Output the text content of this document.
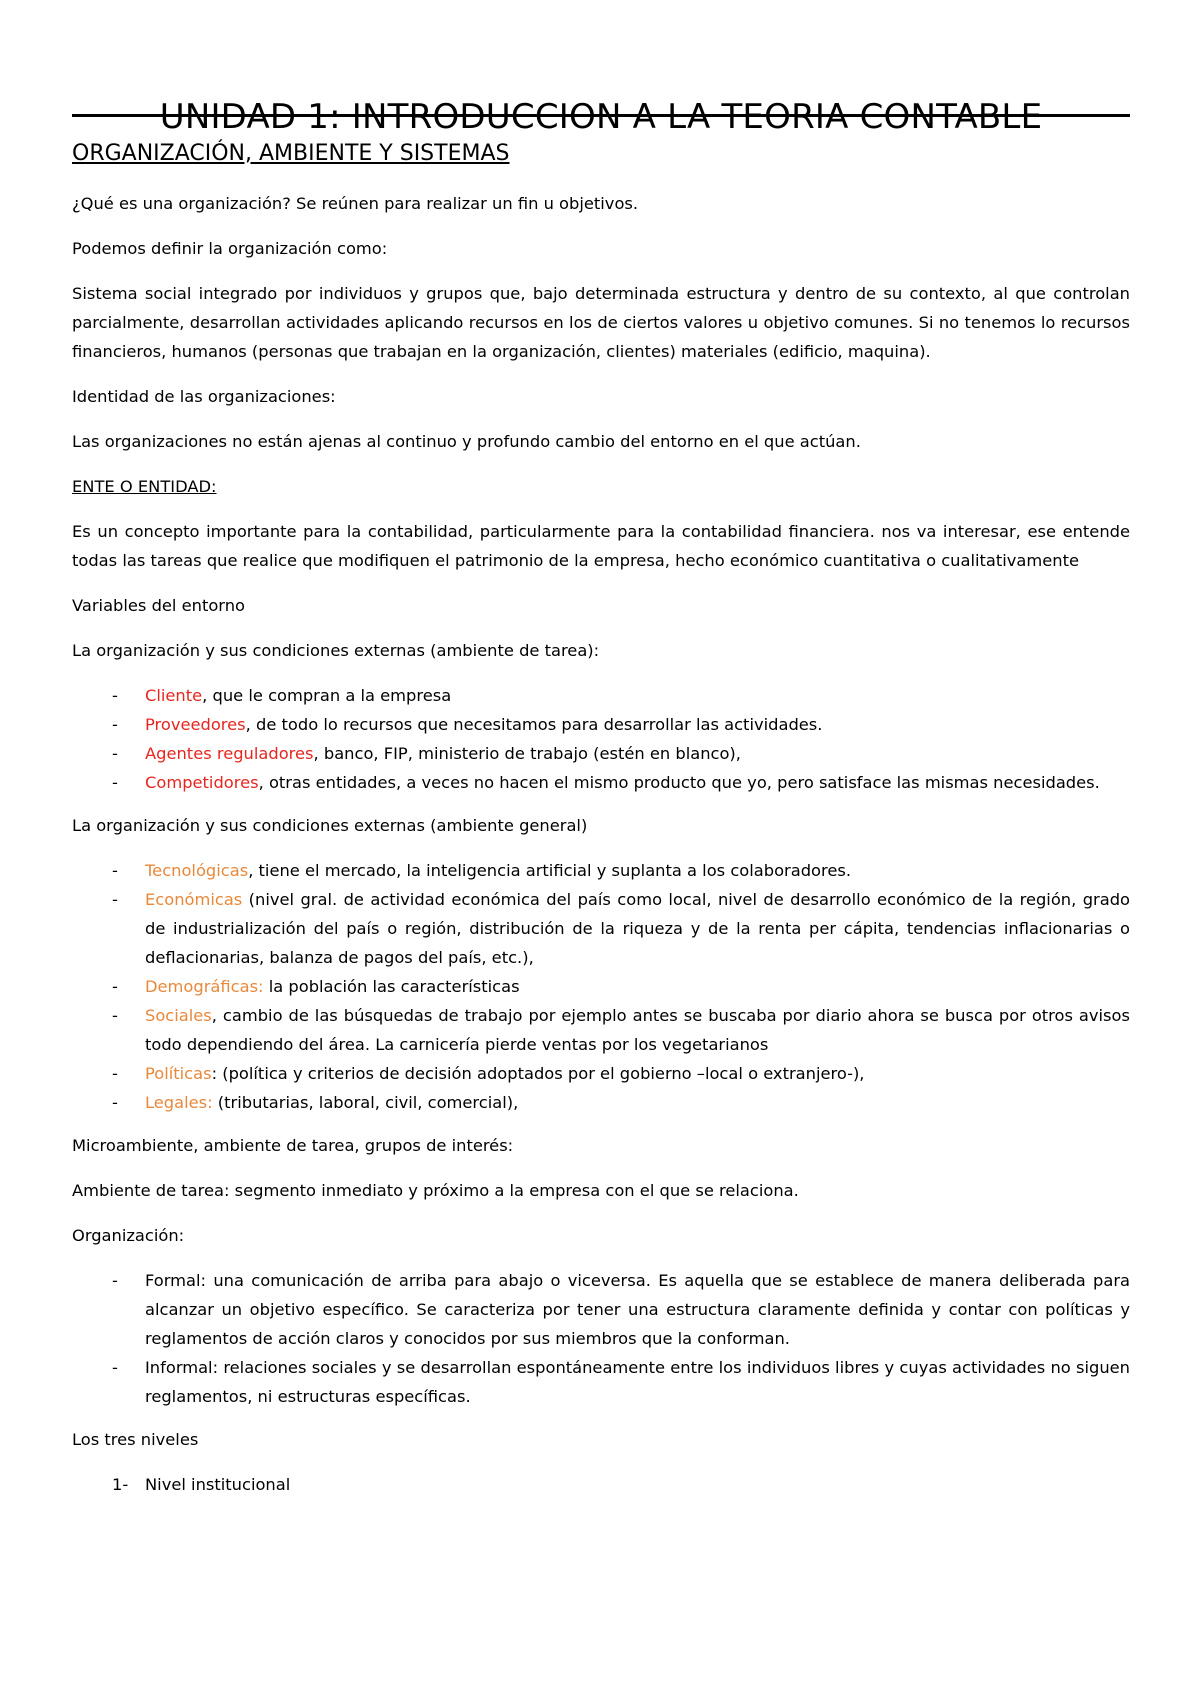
UNIDAD 1: INTRODUCCION A LA TEORIA CONTABLE
ORGANIZACIÓN, AMBIENTE Y SISTEMAS

¿Qué es una organización? Se reúnen para realizar un fin u objetivos.

Podemos definir la organización como:

Sistema social integrado por individuos y grupos que, bajo determinada estructura y dentro de su contexto, al que controlan parcialmente, desarrollan actividades aplicando recursos en los de ciertos valores u objetivo comunes. Si no tenemos lo recursos financieros, humanos (personas que trabajan en la organización, clientes) materiales (edificio, maquina).

Identidad de las organizaciones:

Las organizaciones no están ajenas al continuo y profundo cambio del entorno en el que actúan.

ENTE O ENTIDAD:

Es un concepto importante para la contabilidad, particularmente para la contabilidad financiera. nos va interesar, ese entende todas las tareas que realice que modifiquen el patrimonio de la empresa, hecho económico cuantitativa o cualitativamente

Variables del entorno

La organización y sus condiciones externas (ambiente de tarea):

- Cliente, que le compran a la empresa
- Proveedores, de todo lo recursos que necesitamos para desarrollar las actividades.
- Agentes reguladores, banco, FIP, ministerio de trabajo (estén en blanco),
- Competidores, otras entidades, a veces no hacen el mismo producto que yo, pero satisface las mismas necesidades.

La organización y sus condiciones externas (ambiente general)

- Tecnológicas, tiene el mercado, la inteligencia artificial y suplanta a los colaboradores.
- Económicas (nivel gral. de actividad económica del país como local, nivel de desarrollo económico de la región, grado de industrialización del país o región, distribución de la riqueza y de la renta per cápita, tendencias inflacionarias o deflacionarias, balanza de pagos del país, etc.),
- Demográficas: la población las características
- Sociales, cambio de las búsquedas de trabajo por ejemplo antes se buscaba por diario ahora se busca por otros avisos todo dependiendo del área. La carnicería pierde ventas por los vegetarianos
- Políticas: (política y criterios de decisión adoptados por el gobierno –local o extranjero-),
- Legales: (tributarias, laboral, civil, comercial),

Microambiente, ambiente de tarea, grupos de interés:

Ambiente de tarea: segmento inmediato y próximo a la empresa con el que se relaciona.

Organización:

- Formal: una comunicación de arriba para abajo o viceversa. Es aquella que se establece de manera deliberada para alcanzar un objetivo específico. Se caracteriza por tener una estructura claramente definida y contar con políticas y reglamentos de acción claros y conocidos por sus miembros que la conforman.
- Informal: relaciones sociales y se desarrollan espontáneamente entre los individuos libres y cuyas actividades no siguen reglamentos, ni estructuras específicas.

Los tres niveles

1- Nivel institucional
